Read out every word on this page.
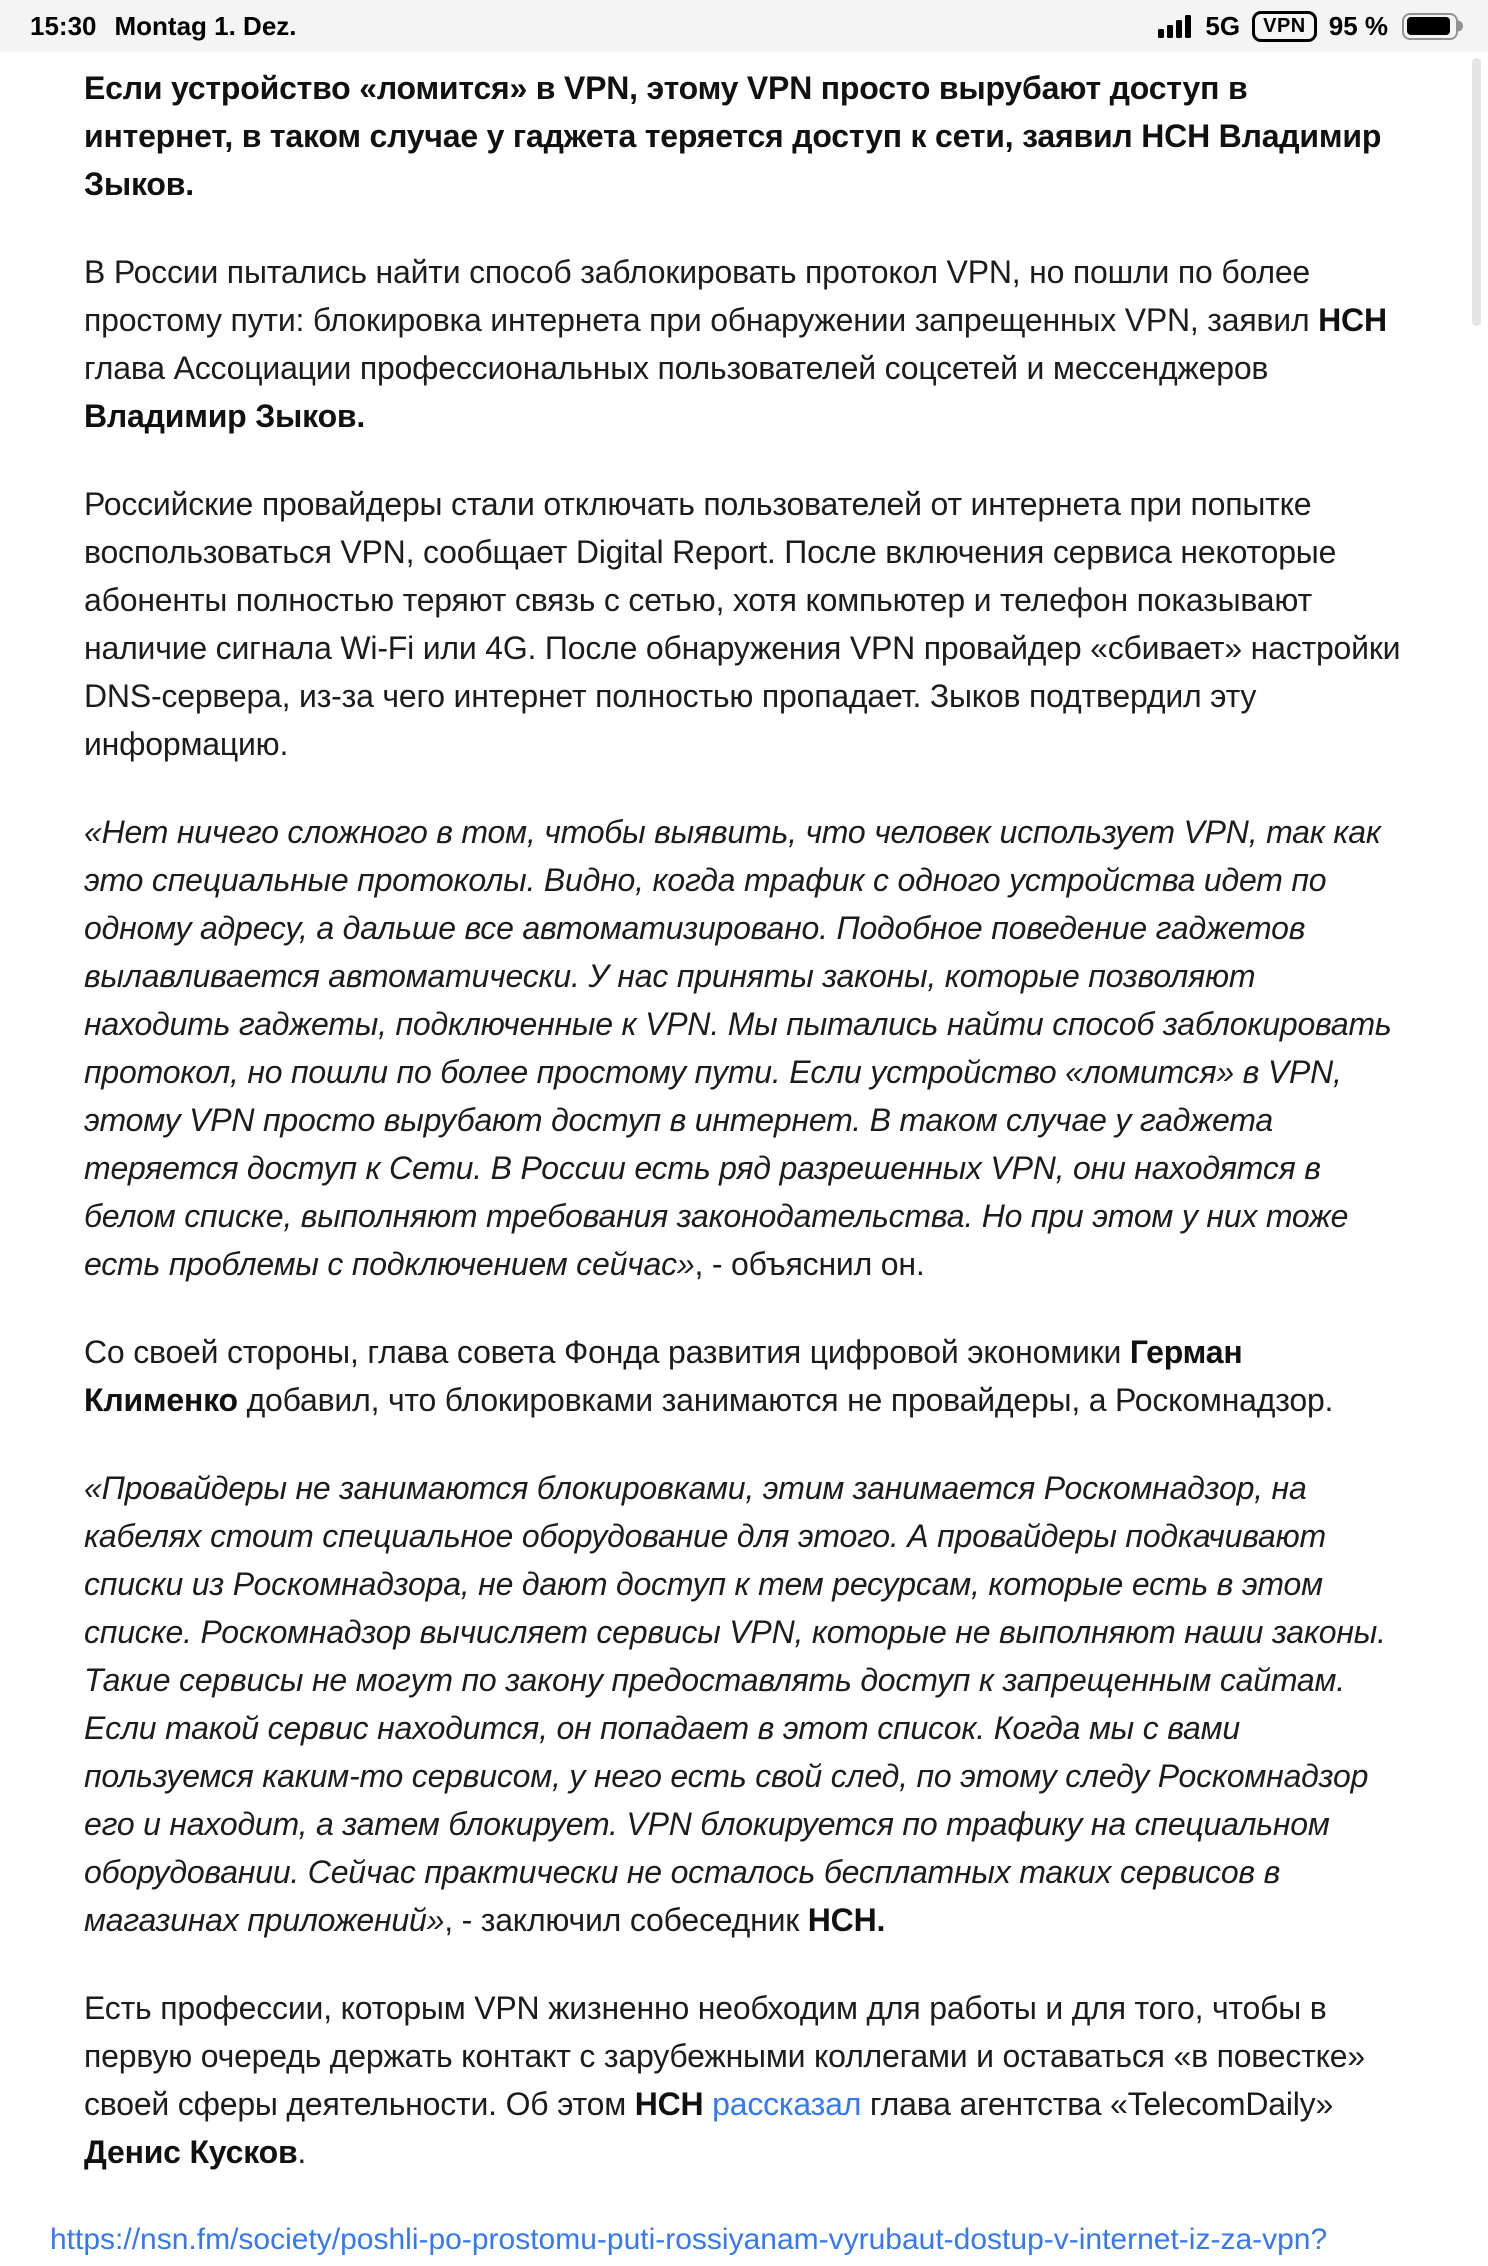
15:30 Montag 1. Dez.	5G	VPN 95 %

Если устройство «ломится» в VPN, этому VPN просто вырубают доступ в интернет, в таком случае у гаджета теряется доступ к сети, заявил НСН Владимир Зыков.

В России пытались найти способ заблокировать протокол VPN, но пошли по более простому пути: блокировка интернета при обнаружении запрещенных VPN, заявил НСН глава Ассоциации профессиональных пользователей соцсетей и мессенджеров Владимир Зыков.

Российские провайдеры стали отключать пользователей от интернета при попытке воспользоваться VPN, сообщает Digital Report. После включения сервиса некоторые абоненты полностью теряют связь с сетью, хотя компьютер и телефон показывают наличие сигнала Wi-Fi или 4G. После обнаружения VPN провайдер «сбивает» настройки DNS-сервера, из-за чего интернет полностью пропадает. Зыков подтвердил эту информацию.

«Нет ничего сложного в том, чтобы выявить, что человек использует VPN, так как это специальные протоколы. Видно, когда трафик с одного устройства идет по одному адресу, а дальше все автоматизировано. Подобное поведение гаджетов вылавливается автоматически. У нас приняты законы, которые позволяют находить гаджеты, подключенные к VPN. Мы пытались найти способ заблокировать протокол, но пошли по более простому пути. Если устройство «ломится» в VPN, этому VPN просто вырубают доступ в интернет. В таком случае у гаджета теряется доступ к Сети. В России есть ряд разрешенных VPN, они находятся в белом списке, выполняют требования законодательства. Но при этом у них тоже есть проблемы с подключением сейчас», - объяснил он.

Со своей стороны, глава совета Фонда развития цифровой экономики Герман Клименко добавил, что блокировками занимаются не провайдеры, а Роскомнадзор.

«Провайдеры не занимаются блокировками, этим занимается Роскомнадзор, на кабелях стоит специальное оборудование для этого. А провайдеры подкачивают списки из Роскомнадзора, не дают доступ к тем ресурсам, которые есть в этом списке. Роскомнадзор вычисляет сервисы VPN, которые не выполняют наши законы. Такие сервисы не могут по закону предоставлять доступ к запрещенным сайтам. Если такой сервис находится, он попадает в этот список. Когда мы с вами пользуемся каким-то сервисом, у него есть свой след, по этому следу Роскомнадзор его и находит, а затем блокирует. VPN блокируется по трафику на специальном оборудовании. Сейчас практически не осталось бесплатных таких сервисов в магазинах приложений», - заключил собеседник НСН.

Есть профессии, которым VPN жизненно необходим для работы и для того, чтобы в первую очередь держать контакт с зарубежными коллегами и оставаться «в повестке» своей сферы деятельности. Об этом НСН рассказал глава агентства «TelecomDaily» Денис Кусков.

https://nsn.fm/society/poshli-po-prostomu-puti-rossiyanam-vyrubaut-dostup-v-internet-iz-za-vpn?
